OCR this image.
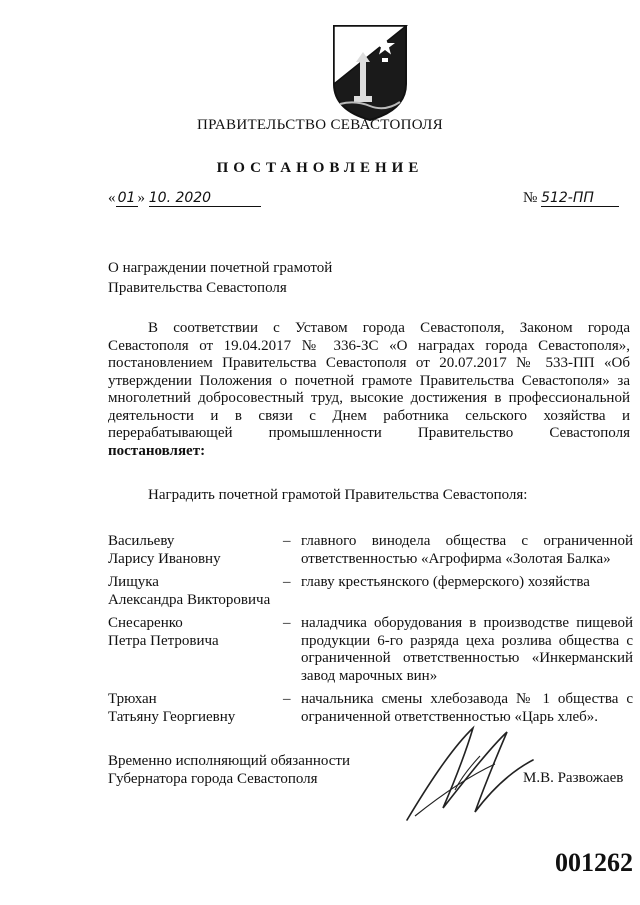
ПРАВИТЕЛЬСТВО СЕВАСТОПОЛЯ
ПОСТАНОВЛЕНИЕ
« 01 » 10. 2020	№ 512-ПП
О награждении почетной грамотой
Правительства Севастополя
В соответствии с Уставом города Севастополя, Законом города Севастополя от 19.04.2017 № 336-ЗС «О наградах города Севастополя», постановлением Правительства Севастополя от 20.07.2017 № 533-ПП «Об утверждении Положения о почетной грамоте Правительства Севастополя» за многолетний добросовестный труд, высокие достижения в профессиональной деятельности и в связи с Днем работника сельского хозяйства и перерабатывающей промышленности Правительство Севастополя постановляет:
Наградить почетной грамотой Правительства Севастополя:
Васильеву
Ларису Ивановну
– главного винодела общества с ограниченной ответственностью «Агрофирма «Золотая Балка»
Лищука
Александра Викторовича
– главу крестьянского (фермерского) хозяйства
Снесаренко
Петра Петровича
– наладчика оборудования в производстве пищевой продукции 6-го разряда цеха розлива общества с ограниченной ответственностью «Инкерманский завод марочных вин»
Трюхан
Татьяну Георгиевну
– начальника смены хлебозавода № 1 общества с ограниченной ответственностью «Царь хлеб».
Временно исполняющий обязанности
Губернатора города Севастополя	М.В. Развожаев
001262
